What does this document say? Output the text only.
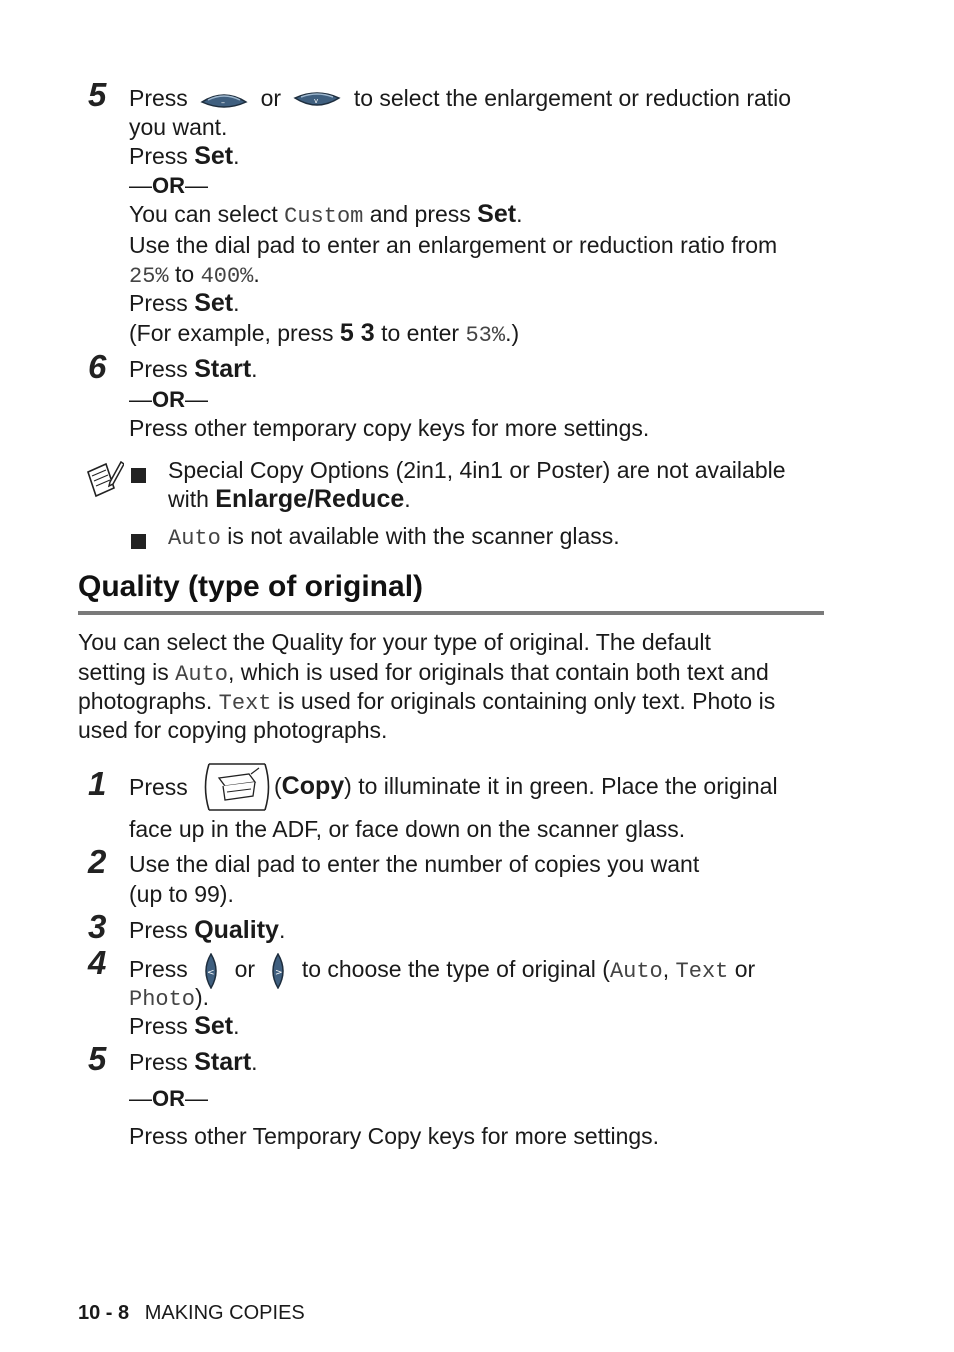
5 Press	– or	v to select the enlargement or reduction ratio
you want.
Press Set.
—OR—
You can select Custom and press Set.
Use the dial pad to enter an enlargement or reduction ratio from
25% to 400%.
Press Set.
(For example, press 5 3 to enter 53%.)
6 Press Start.
—OR—
Press other temporary copy keys for more settings.
Special Copy Options (2in1, 4in1 or Poster) are not available
with Enlarge/Reduce.
Auto is not available with the scanner glass.
Quality (type of original)
You can select the Quality for your type of original. The default
setting is Auto, which is used for originals that contain both text and
photographs. Text is used for originals containing only text. Photo is
used for copying photographs.
1 Press	(Copy) to illuminate it in green. Place the original
face up in the ADF, or face down on the scanner glass.
2 Use the dial pad to enter the number of copies you want
(up to 99).
3 Press Quality.
4 Press < or > to choose the type of original (Auto, Text or
Photo).
Press Set.
5 Press Start.
—OR—
Press other Temporary Copy keys for more settings.
10 - 8 MAKING COPIES
